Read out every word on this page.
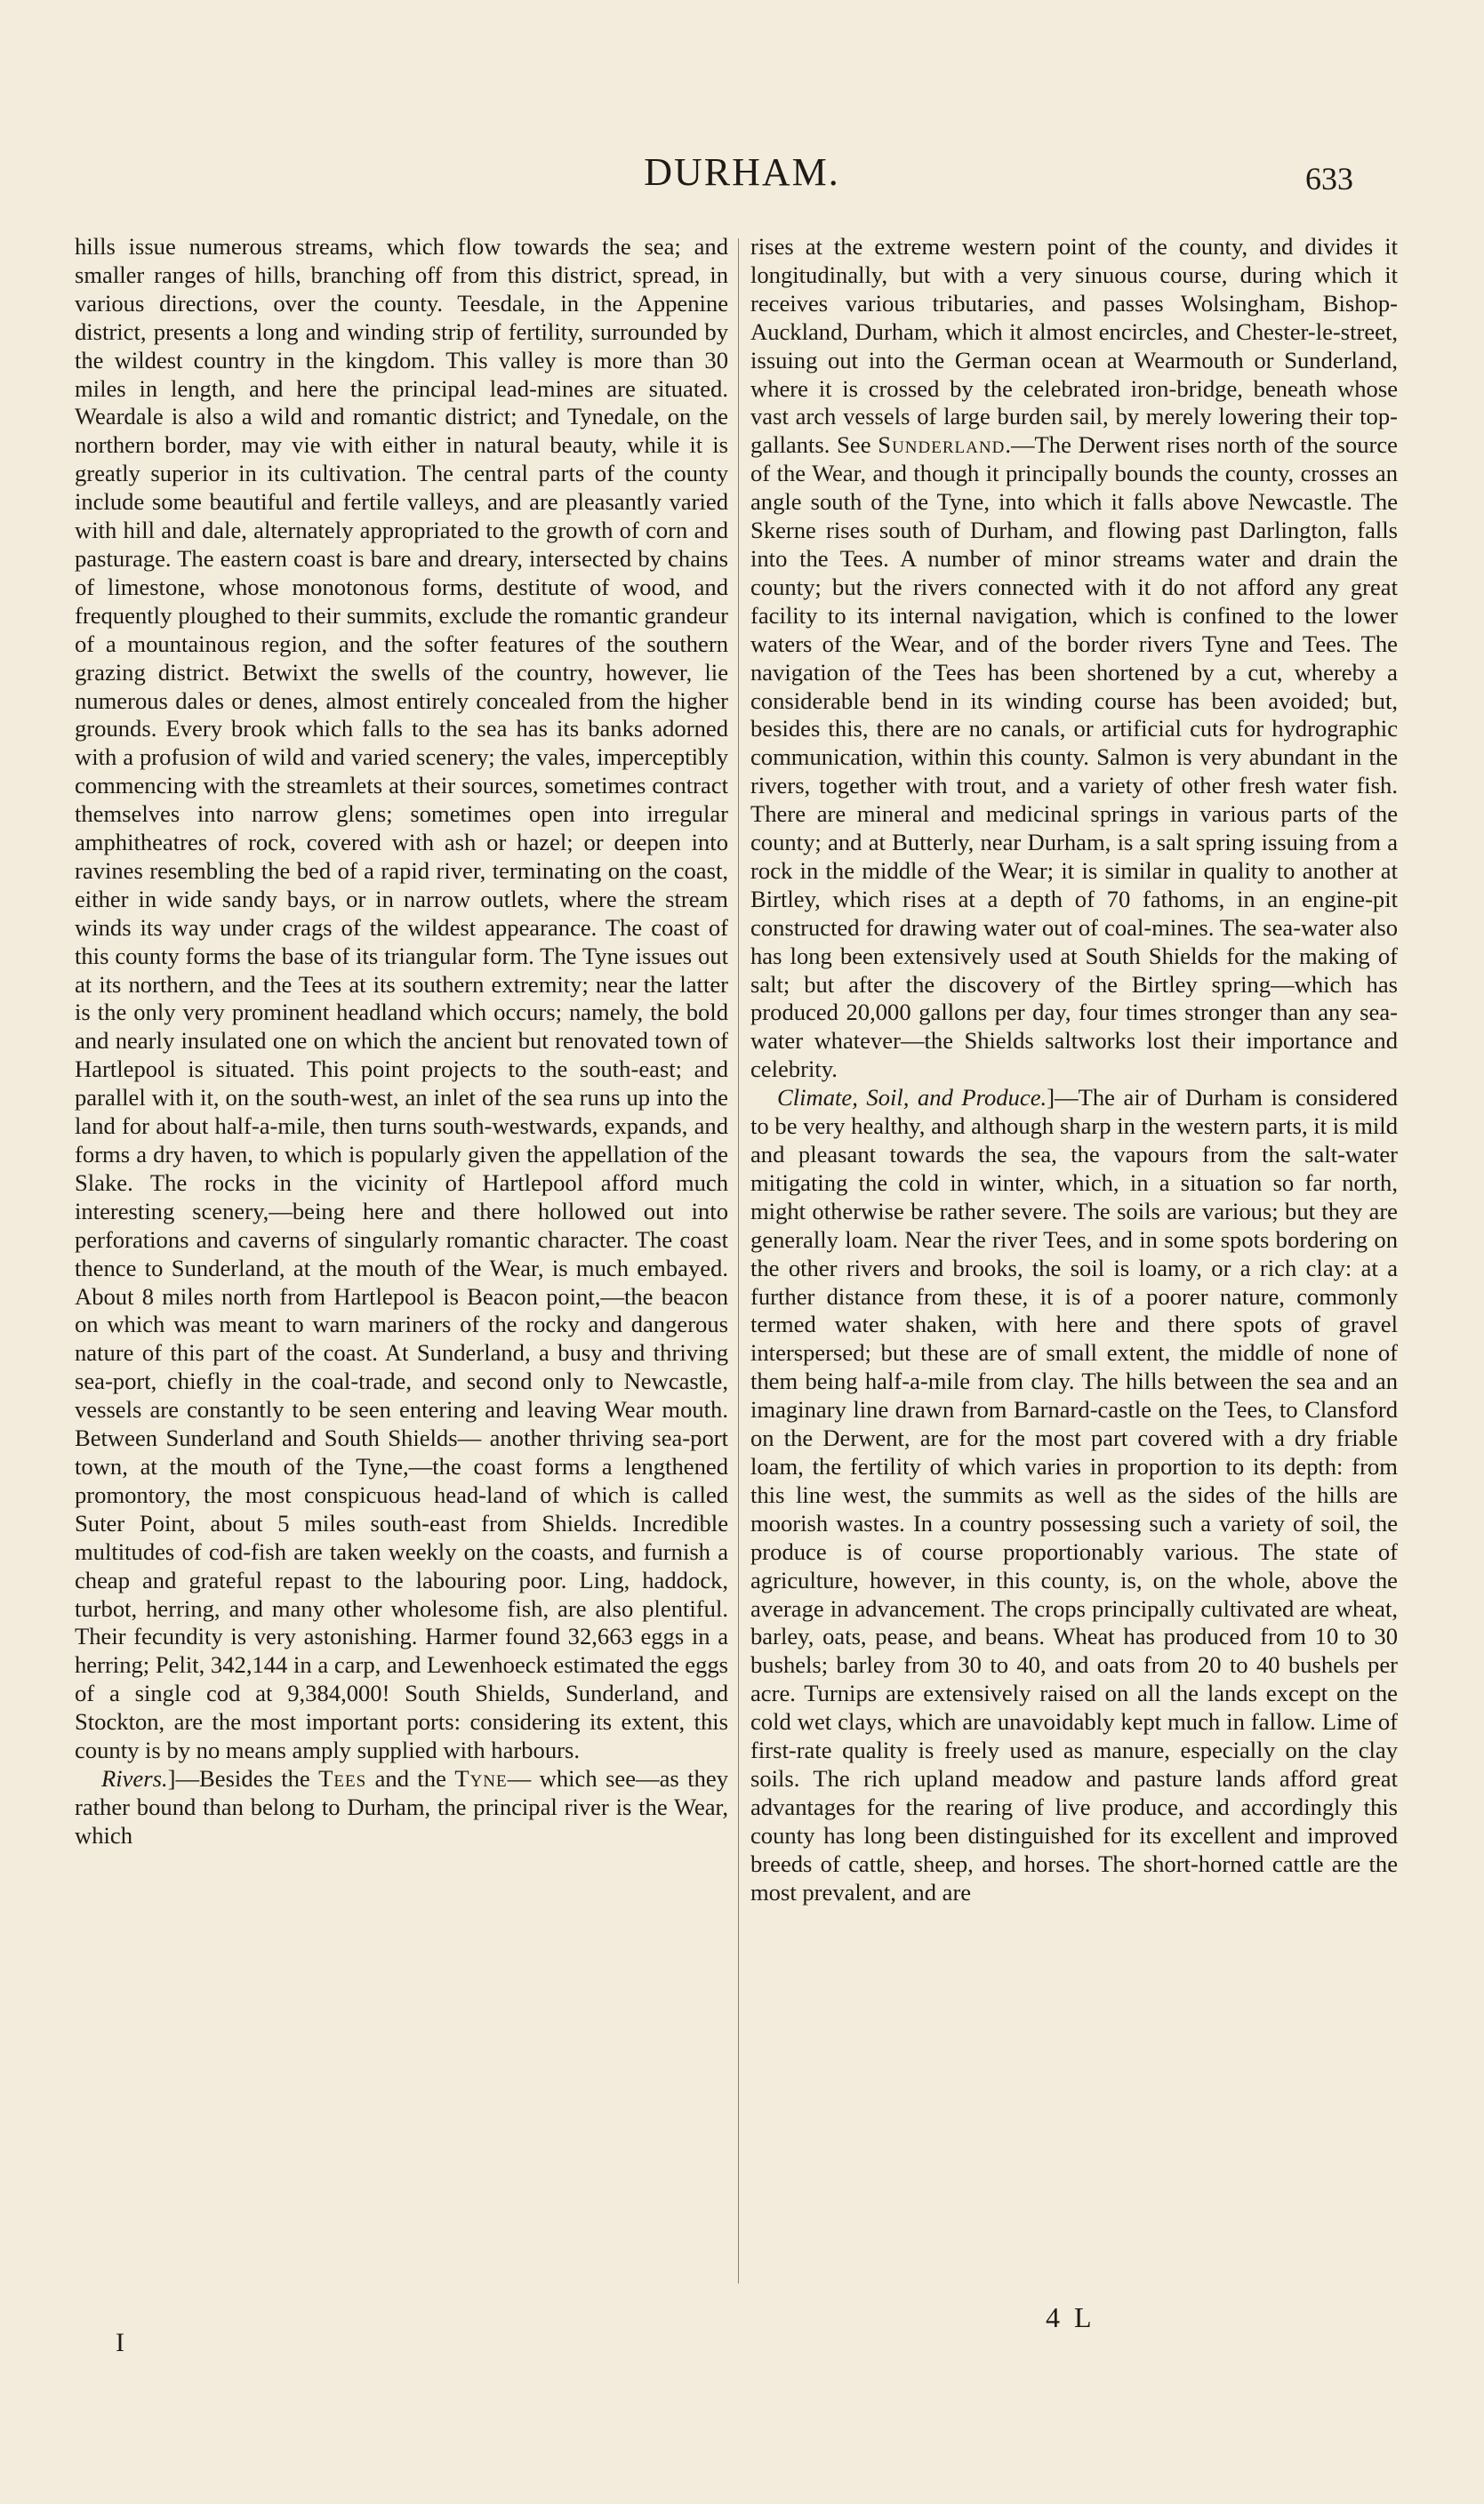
DURHAM.	633

hills issue numerous streams, which flow towards the sea; and smaller ranges of hills, branching off from this district, spread, in various directions, over the county. Teesdale, in the Appenine district, presents a long and winding strip of fertility, surrounded by the wildest country in the kingdom. This valley is more than 30 miles in length, and here the principal lead-mines are situated. Weardale is also a wild and romantic district; and Tynedale, on the northern border, may vie with either in natural beauty, while it is greatly superior in its cultivation. The central parts of the county include some beautiful and fertile valleys, and are pleasantly varied with hill and dale, alternately appropriated to the growth of corn and pasturage. The eastern coast is bare and dreary, intersected by chains of limestone, whose monotonous forms, destitute of wood, and frequently ploughed to their summits, exclude the romantic grandeur of a mountainous region, and the softer features of the southern grazing district. Betwixt the swells of the country, however, lie numerous dales or denes, almost entirely concealed from the higher grounds. Every brook which falls to the sea has its banks adorned with a profusion of wild and varied scenery; the vales, imperceptibly commencing with the streamlets at their sources, sometimes contract themselves into narrow glens; sometimes open into irregular amphitheatres of rock, covered with ash or hazel; or deepen into ravines resembling the bed of a rapid river, terminating on the coast, either in wide sandy bays, or in narrow outlets, where the stream winds its way under crags of the wildest appearance. The coast of this county forms the base of its triangular form. The Tyne issues out at its northern, and the Tees at its southern extremity; near the latter is the only very prominent headland which occurs; namely, the bold and nearly insulated one on which the ancient but renovated town of Hartlepool is situated. This point projects to the south-east; and parallel with it, on the south-west, an inlet of the sea runs up into the land for about half-a-mile, then turns south-westwards, expands, and forms a dry haven, to which is popularly given the appellation of the Slake. The rocks in the vicinity of Hartlepool afford much interesting scenery,—being here and there hollowed out into perforations and caverns of singularly romantic character. The coast thence to Sunderland, at the mouth of the Wear, is much embayed. About 8 miles north from Hartlepool is Beacon point,—the beacon on which was meant to warn mariners of the rocky and dangerous nature of this part of the coast. At Sunderland, a busy and thriving sea-port, chiefly in the coal-trade, and second only to Newcastle, vessels are constantly to be seen entering and leaving Wear mouth. Between Sunderland and South Shields— another thriving sea-port town, at the mouth of the Tyne,—the coast forms a lengthened promontory, the most conspicuous head-land of which is called Suter Point, about 5 miles south-east from Shields. Incredible multitudes of cod-fish are taken weekly on the coasts, and furnish a cheap and grateful repast to the labouring poor. Ling, haddock, turbot, herring, and many other wholesome fish, are also plentiful. Their fecundity is very astonishing. Harmer found 32,663 eggs in a herring; Pelit, 342,144 in a carp, and Lewenhoeck estimated the eggs of a single cod at 9,384,000! South Shields, Sunderland, and Stockton, are the most important ports: considering its extent, this county is by no means amply supplied with harbours.

Rivers.]—Besides the Tees and the Tyne— which see—as they rather bound than belong to Durham, the principal river is the Wear, which

rises at the extreme western point of the county, and divides it longitudinally, but with a very sinuous course, during which it receives various tributaries, and passes Wolsingham, Bishop-Auckland, Durham, which it almost encircles, and Chester-le-street, issuing out into the German ocean at Wearmouth or Sunderland, where it is crossed by the celebrated iron-bridge, beneath whose vast arch vessels of large burden sail, by merely lowering their top-gallants. See Sunderland.—The Derwent rises north of the source of the Wear, and though it principally bounds the county, crosses an angle south of the Tyne, into which it falls above Newcastle. The Skerne rises south of Durham, and flowing past Darlington, falls into the Tees. A number of minor streams water and drain the county; but the rivers connected with it do not afford any great facility to its internal navigation, which is confined to the lower waters of the Wear, and of the border rivers Tyne and Tees. The navigation of the Tees has been shortened by a cut, whereby a considerable bend in its winding course has been avoided; but, besides this, there are no canals, or artificial cuts for hydrographic communication, within this county. Salmon is very abundant in the rivers, together with trout, and a variety of other fresh water fish. There are mineral and medicinal springs in various parts of the county; and at Butterly, near Durham, is a salt spring issuing from a rock in the middle of the Wear; it is similar in quality to another at Birtley, which rises at a depth of 70 fathoms, in an engine-pit constructed for drawing water out of coal-mines. The sea-water also has long been extensively used at South Shields for the making of salt; but after the discovery of the Birtley spring—which has produced 20,000 gallons per day, four times stronger than any sea-water whatever—the Shields saltworks lost their importance and celebrity.

Climate, Soil, and Produce.]—The air of Durham is considered to be very healthy, and although sharp in the western parts, it is mild and pleasant towards the sea, the vapours from the salt-water mitigating the cold in winter, which, in a situation so far north, might otherwise be rather severe. The soils are various; but they are generally loam. Near the river Tees, and in some spots bordering on the other rivers and brooks, the soil is loamy, or a rich clay: at a further distance from these, it is of a poorer nature, commonly termed water shaken, with here and there spots of gravel interspersed; but these are of small extent, the middle of none of them being half-a-mile from clay. The hills between the sea and an imaginary line drawn from Barnard-castle on the Tees, to Clansford on the Derwent, are for the most part covered with a dry friable loam, the fertility of which varies in proportion to its depth: from this line west, the summits as well as the sides of the hills are moorish wastes. In a country possessing such a variety of soil, the produce is of course proportionably various. The state of agriculture, however, in this county, is, on the whole, above the average in advancement. The crops principally cultivated are wheat, barley, oats, pease, and beans. Wheat has produced from 10 to 30 bushels; barley from 30 to 40, and oats from 20 to 40 bushels per acre. Turnips are extensively raised on all the lands except on the cold wet clays, which are unavoidably kept much in fallow. Lime of first-rate quality is freely used as manure, especially on the clay soils. The rich upland meadow and pasture lands afford great advantages for the rearing of live produce, and accordingly this county has long been distinguished for its excellent and improved breeds of cattle, sheep, and horses. The short-horned cattle are the most prevalent, and are

I
4 L
